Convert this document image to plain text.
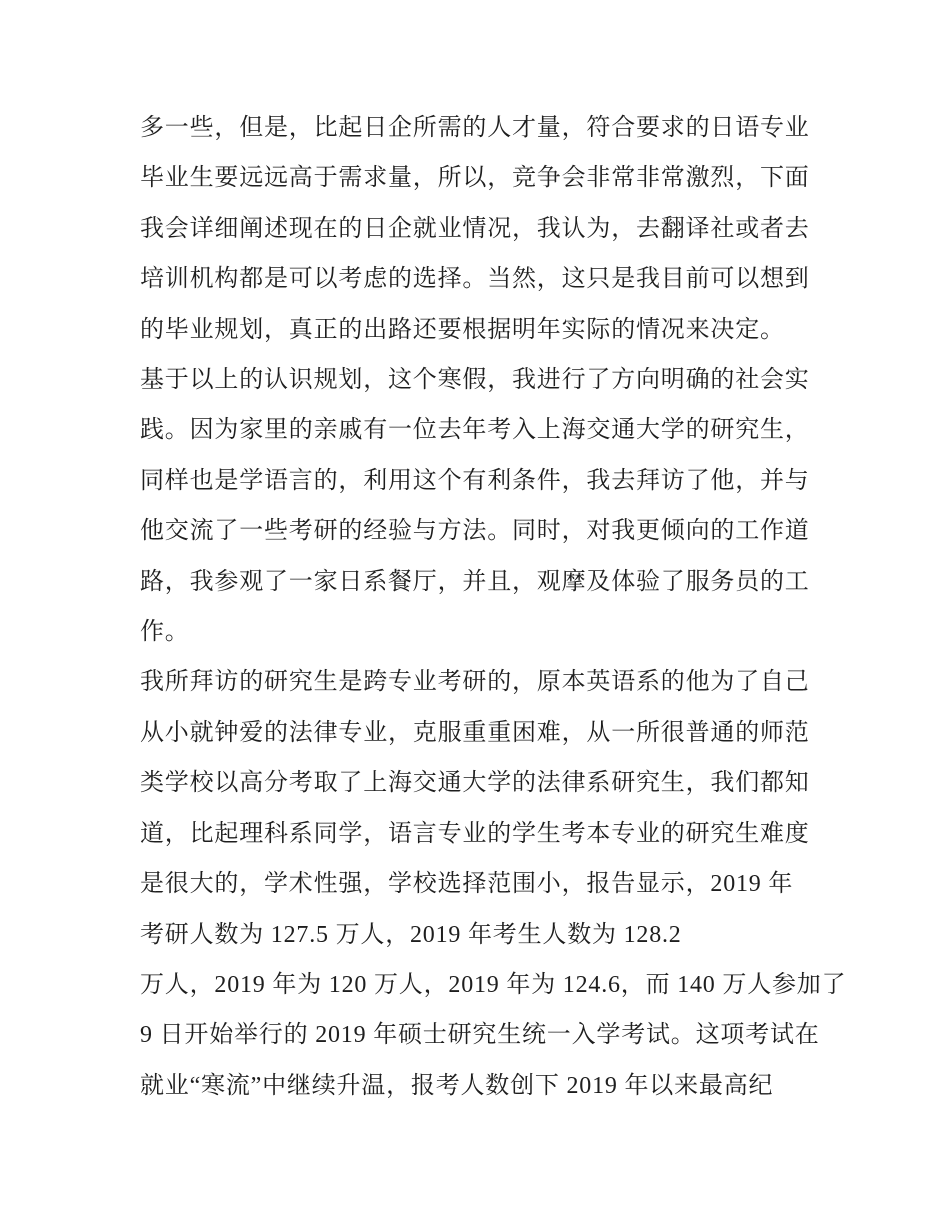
多一些，但是，比起日企所需的人才量，符合要求的日语专业
毕业生要远远高于需求量，所以，竞争会非常非常激烈，下面
我会详细阐述现在的日企就业情况，我认为，去翻译社或者去
培训机构都是可以考虑的选择。当然，这只是我目前可以想到
的毕业规划，真正的出路还要根据明年实际的情况来决定。
基于以上的认识规划，这个寒假，我进行了方向明确的社会实
践。因为家里的亲戚有一位去年考入上海交通大学的研究生，
同样也是学语言的，利用这个有利条件，我去拜访了他，并与
他交流了一些考研的经验与方法。同时，对我更倾向的工作道
路，我参观了一家日系餐厅，并且，观摩及体验了服务员的工
作。
我所拜访的研究生是跨专业考研的，原本英语系的他为了自己
从小就钟爱的法律专业，克服重重困难，从一所很普通的师范
类学校以高分考取了上海交通大学的法律系研究生，我们都知
道，比起理科系同学，语言专业的学生考本专业的研究生难度
是很大的，学术性强，学校选择范围小，报告显示，2019 年
考研人数为 127.5 万人，2019 年考生人数为 128.2
万人，2019 年为 120 万人，2019 年为 124.6，而 140 万人参加了
9 日开始举行的 2019 年硕士研究生统一入学考试。这项考试在
就业“寒流”中继续升温，报考人数创下 2019 年以来最高纪
